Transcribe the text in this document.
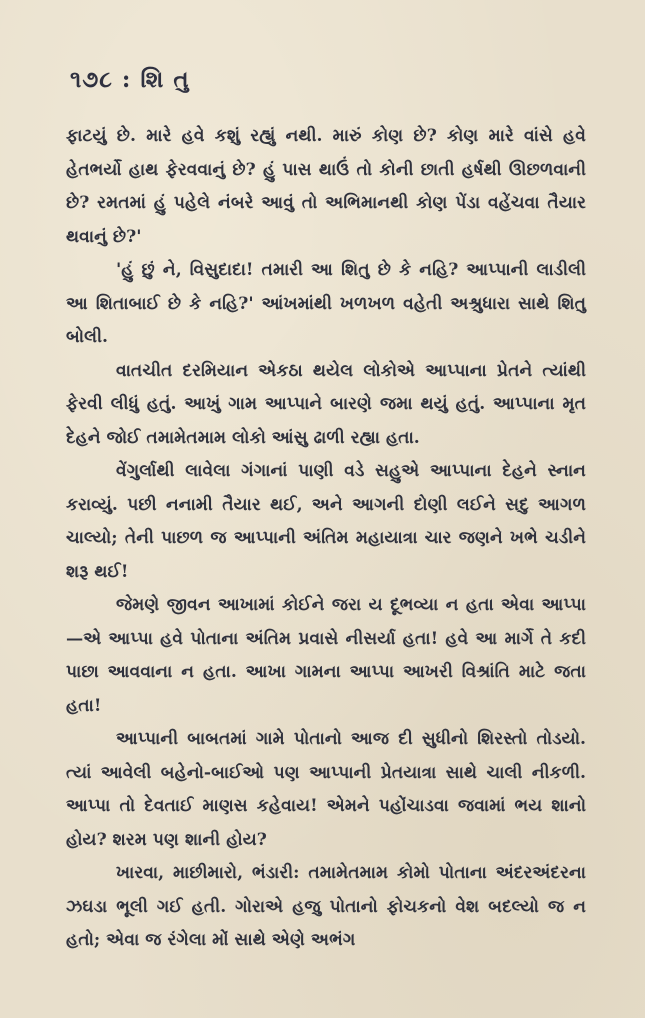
૧૭૮ : શિ તુ

ફાટયું છે. મારે હવે કશું રહ્યું નથી. મારું કોણ છે? કોણ મારે વાંસે હવે હેતભર્યો હાથ ફેરવવાનું છે? હું પાસ થાઉં તો કોની છાતી હર્ષથી ઊછળવાની છે? રમતમાં હું પહેલે નંબરે આવું તો અભિમાનથી કોણ પેંડા વહેંચવા તૈયાર થવાનું છે?'

'હું છું ને, વિસુદાદા! તમારી આ શિતુ છે કે નહિ? આપ્પાની લાડીલી આ શિતાબાઈ છે કે નહિ?' આંખમાંથી ખળખળ વહેતી અશ્રુધારા સાથે શિતુ બોલી.

વાતચીત દરમિયાન એકઠા થયેલ લોકોએ આપ્પાના પ્રેતને ત્યાંથી ફેરવી લીધું હતું. આખું ગામ આપ્પાને બારણે જમા થયું હતું. આપ્પાના મૃત દેહને જોઈ તમામેતમામ લોકો આંસુ ઢાળી રહ્યા હતા.

વેંગુર્લાથી લાવેલા ગંગાનાં પાણી વડે સહુએ આપ્પાના દેહને સ્નાન કરાવ્યું. પછી નનામી તૈયાર થઈ, અને આગની દોણી લઈને સદુ આગળ ચાલ્યો; તેની પાછળ જ આપ્પાની અંતિમ મહાયાત્રા ચાર જણને ખભે ચડીને શરૂ થઈ!

જેમણે જીવન આખામાં કોઈને જરા ય દૂભવ્યા ન હતા એવા આપ્પા—એ આપ્પા હવે પોતાના અંતિમ પ્રવાસે નીસર્યા હતા! હવે આ માર્ગે તે કદી પાછા આવવાના ન હતા. આખા ગામના આપ્પા આખરી વિશ્રાંતિ માટે જતા હતા!

આપ્પાની બાબતમાં ગામે પોતાનો આજ દી સુધીનો શિરસ્તો તોડયો. ત્યાં આવેલી બહેનો-બાઈઓ પણ આપ્પાની પ્રેતયાત્રા સાથે ચાલી નીકળી. આપ્પા તો દેવતાઈ માણસ કહેવાય! એમને પહોંચાડવા જવામાં ભય શાનો હોય? શરમ પણ શાની હોય?

ખારવા, માછીમારો, ભંડારી: તમામેતમામ કોમો પોતાના અંદરઅંદરના ઝઘડા ભૂલી ગઈ હતી. ગોરાએ હજુ પોતાનો ફોચકનો વેશ બદલ્યો જ ન હતો; એવા જ રંગેલા મોં સાથે એણે અભંગ
